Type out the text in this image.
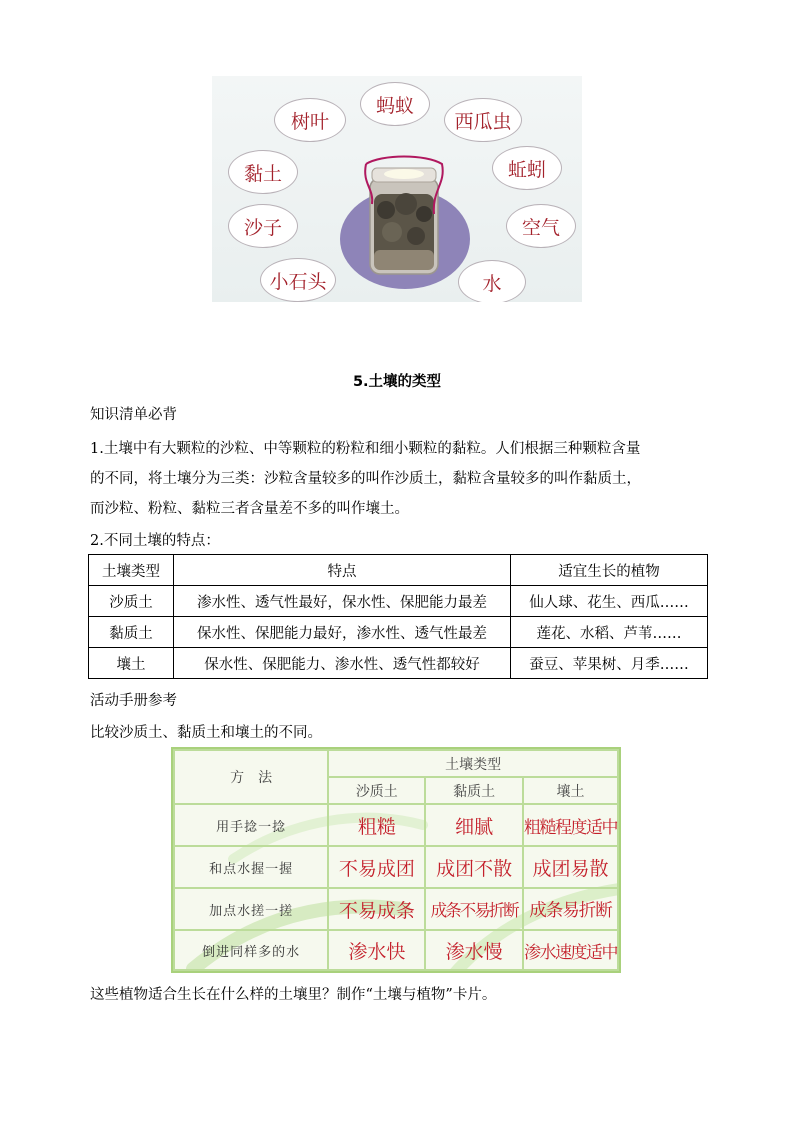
树叶
蚂蚁
西瓜虫
黏土	蚯蚓
沙子	空气
小石头	水
5.土壤的类型
知识清单必背
1.土壤中有大颗粒的沙粒、中等颗粒的粉粒和细小颗粒的黏粒。人们根据三种颗粒含量
的不同，将土壤分为三类：沙粒含量较多的叫作沙质土，黏粒含量较多的叫作黏质土，
而沙粒、粉粒、黏粒三者含量差不多的叫作壤土。
2.不同土壤的特点：
土壤类型	特点	适宜生长的植物
沙质土	渗水性、透气性最好，保水性、保肥能力最差	仙人球、花生、西瓜……
黏质土	保水性、保肥能力最好，渗水性、透气性最差	莲花、水稻、芦苇……
壤土	保水性、保肥能力、渗水性、透气性都较好	蚕豆、苹果树、月季……
活动手册参考
比较沙质土、黏质土和壤土的不同。
方　法	土壤类型		
	沙质土	黏质土	壤土
用手捻一捻	粗糙	细腻	粗糙程度适中
和点水握一握	不易成团	成团不散	成团易散
加点水搓一搓	不易成条	成条不易折断	成条易折断
倒进同样多的水	渗水快	渗水慢	渗水速度适中
这些植物适合生长在什么样的土壤里？制作“土壤与植物”卡片。
